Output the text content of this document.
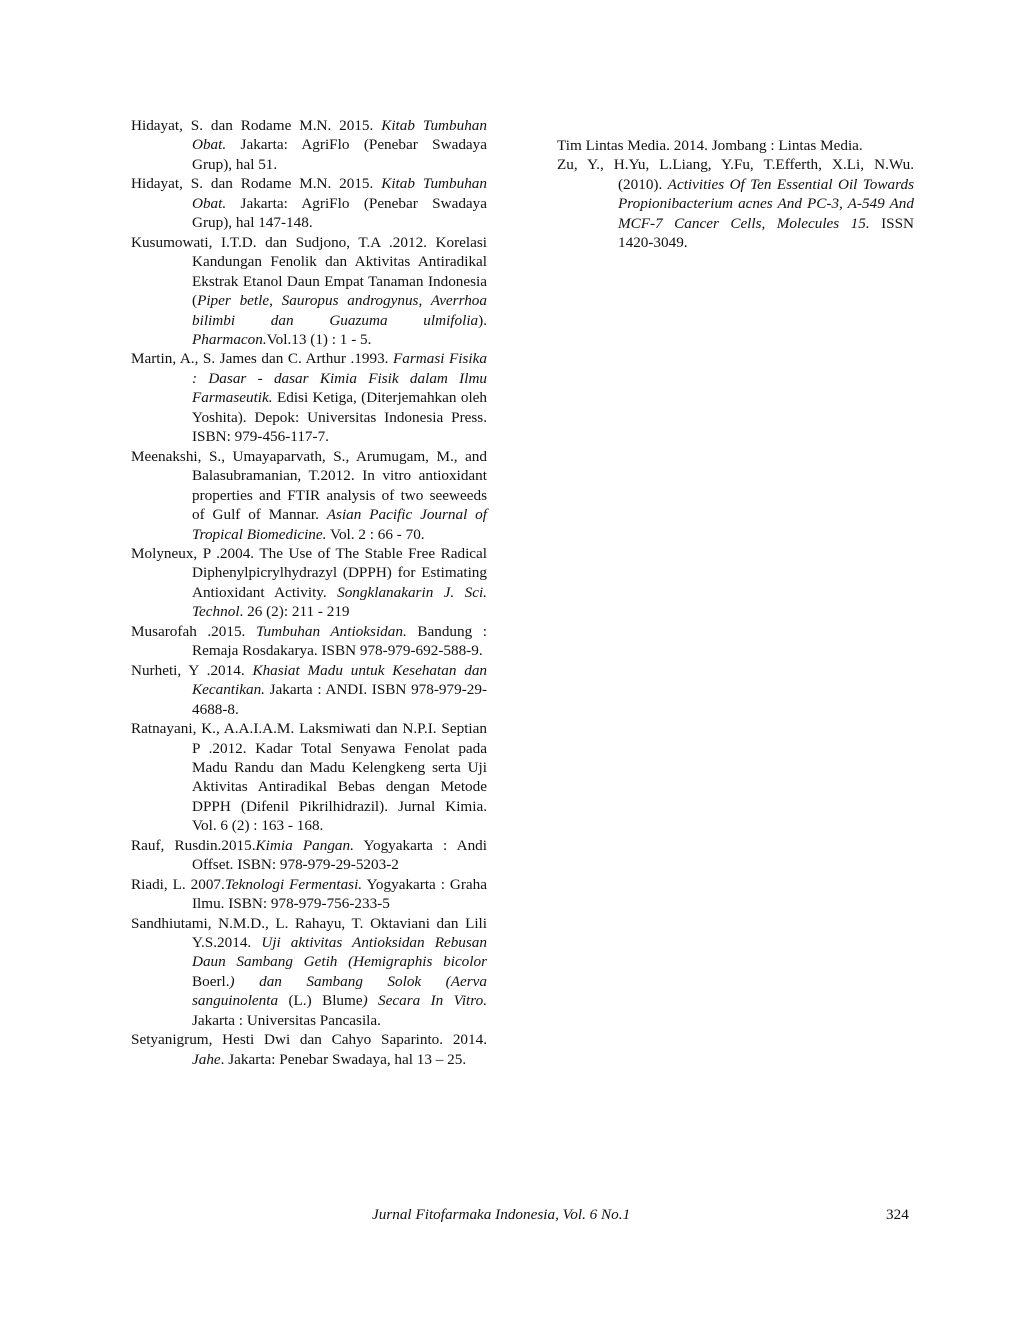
Hidayat, S. dan Rodame M.N. 2015. Kitab Tumbuhan Obat. Jakarta: AgriFlo (Penebar Swadaya Grup), hal 51.

Hidayat, S. dan Rodame M.N. 2015. Kitab Tumbuhan Obat. Jakarta: AgriFlo (Penebar Swadaya Grup), hal 147-148.

Kusumowati, I.T.D. dan Sudjono, T.A .2012. Korelasi Kandungan Fenolik dan Aktivitas Antiradikal Ekstrak Etanol Daun Empat Tanaman Indonesia (Piper betle, Sauropus androgynus, Averrhoa bilimbi dan Guazuma ulmifolia). Pharmacon.Vol.13 (1) : 1 - 5.

Martin, A., S. James dan C. Arthur .1993. Farmasi Fisika : Dasar - dasar Kimia Fisik dalam Ilmu Farmaseutik. Edisi Ketiga, (Diterjemahkan oleh Yoshita). Depok: Universitas Indonesia Press. ISBN: 979-456-117-7.

Meenakshi, S., Umayaparvath, S., Arumugam, M., and Balasubramanian, T.2012. In vitro antioxidant properties and FTIR analysis of two seeweeds of Gulf of Mannar. Asian Pacific Journal of Tropical Biomedicine. Vol. 2 : 66 - 70.

Molyneux, P .2004. The Use of The Stable Free Radical Diphenylpicrylhydrazyl (DPPH) for Estimating Antioxidant Activity. Songklanakarin J. Sci. Technol. 26 (2): 211 - 219

Musarofah .2015. Tumbuhan Antioksidan. Bandung : Remaja Rosdakarya. ISBN 978-979-692-588-9.

Nurheti, Y .2014. Khasiat Madu untuk Kesehatan dan Kecantikan. Jakarta : ANDI. ISBN 978-979-29-4688-8.

Ratnayani, K., A.A.I.A.M. Laksmiwati dan N.P.I. Septian P .2012. Kadar Total Senyawa Fenolat pada Madu Randu dan Madu Kelengkeng serta Uji Aktivitas Antiradikal Bebas dengan Metode DPPH (Difenil Pikrilhidrazil). Jurnal Kimia. Vol. 6 (2) : 163 - 168.

Rauf, Rusdin.2015.Kimia Pangan. Yogyakarta : Andi Offset. ISBN: 978-979-29-5203-2

Riadi, L. 2007.Teknologi Fermentasi. Yogyakarta : Graha Ilmu. ISBN: 978-979-756-233-5

Sandhiutami, N.M.D., L. Rahayu, T. Oktaviani dan Lili Y.S.2014. Uji aktivitas Antioksidan Rebusan Daun Sambang Getih (Hemigraphis bicolor Boerl.) dan Sambang Solok (Aerva sanguinolenta (L.) Blume) Secara In Vitro. Jakarta : Universitas Pancasila.

Setyanigrum, Hesti Dwi dan Cahyo Saparinto. 2014. Jahe. Jakarta: Penebar Swadaya, hal 13 – 25.

Tim Lintas Media. 2014. Jombang : Lintas Media.

Zu, Y., H.Yu, L.Liang, Y.Fu, T.Efferth, X.Li, N.Wu. (2010). Activities Of Ten Essential Oil Towards Propionibacterium acnes And PC-3, A-549 And MCF-7 Cancer Cells, Molecules 15. ISSN 1420-3049.

Jurnal Fitofarmaka Indonesia, Vol. 6 No.1	324
